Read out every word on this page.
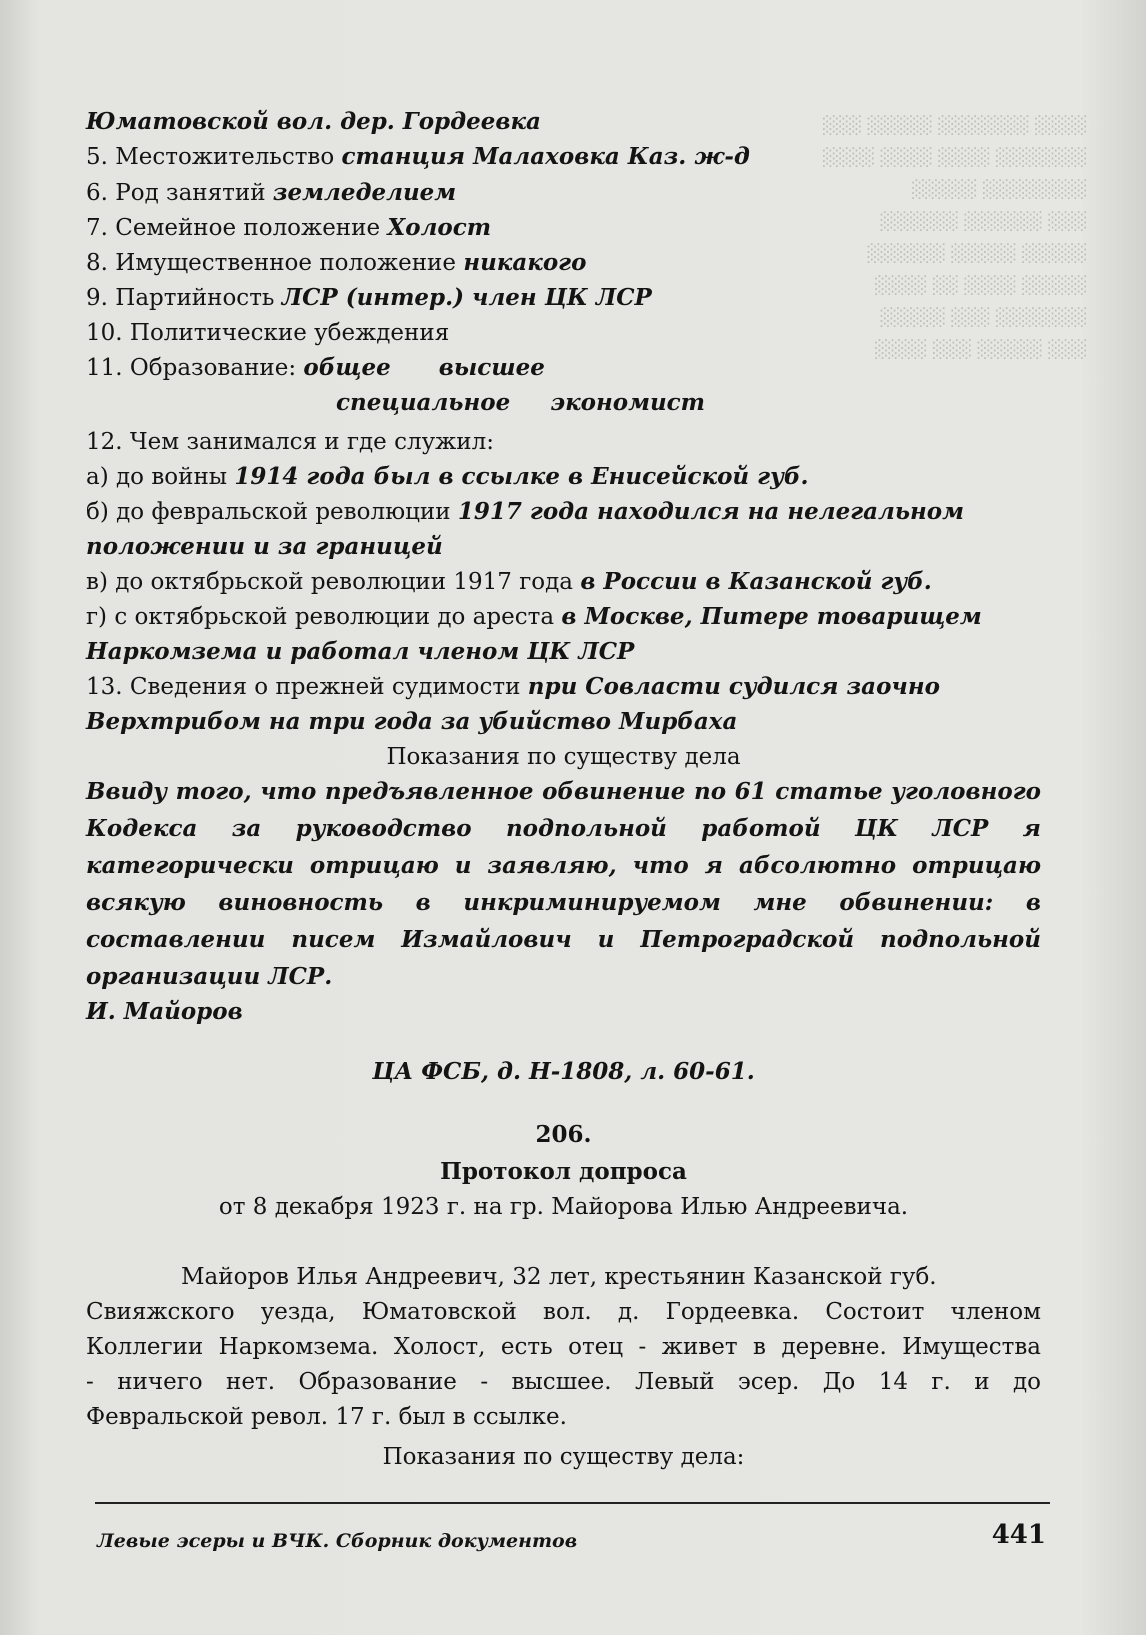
░░░░ ░░░░░░░ ░░░░░ ░░░
░░░░░░░ ░░░░ ░░░░ ░░░░
░░░░░░░░ ░░░░░
░░░ ░░░░░░ ░░░░░░
░░░░░ ░░░░░ ░░░░░░
░░░░░ ░░░░ ░░ ░░░░
░░░░░░░ ░░░ ░░░░░
░░░ ░░░░░ ░░░ ░░░░
Юматовской вол. дер. Гордеевка
5. Местожительство станция Малаховка Каз. ж-д
6. Род занятий земледелием
7. Семейное положение Холост
8. Имущественное положение никакого
9. Партийность ЛСР (интер.) член ЦК ЛСР
10. Политические убеждения
11. Образование: общее      высшее
специальное     экономист
12. Чем занимался и где служил:
а) до войны 1914 года был в ссылке в Енисейской губ.
б) до февральской революции 1917 года находился на нелегальном
положении и за границей
в) до октябрьской революции 1917 года в России в Казанской губ.
г) с октябрьской революции до ареста в Москве, Питере товарищем
Наркомзема и работал членом ЦК ЛСР
13. Сведения о прежней судимости при Совласти судился заочно
Верхтрибом на три года за убийство Мирбаха
Показания по существу дела
Ввиду того, что предъявленное обвинение по 61 статье уголовного
Кодекса за руководство подпольной работой ЦК ЛСР я
категорически отрицаю и заявляю, что я абсолютно отрицаю
всякую виновность в инкриминируемом мне обвинении: в
составлении писем Измайлович и Петроградской подпольной
организации ЛСР.
И. Майоров
ЦА ФСБ, д. Н-1808, л. 60-61.
206.
Протокол допроса
от 8 декабря 1923 г. на гр. Майорова Илью Андреевича.
Майоров Илья Андреевич, 32 лет, крестьянин Казанской губ.
Свияжского уезда, Юматовской вол. д. Гордеевка. Состоит членом
Коллегии Наркомзема. Холост, есть отец - живет в деревне. Имущества
- ничего нет. Образование - высшее. Левый эсер. До 14 г. и до
Февральской револ. 17 г. был в ссылке.
Показания по существу дела:
Левые эсеры и ВЧК. Сборник документов	441
